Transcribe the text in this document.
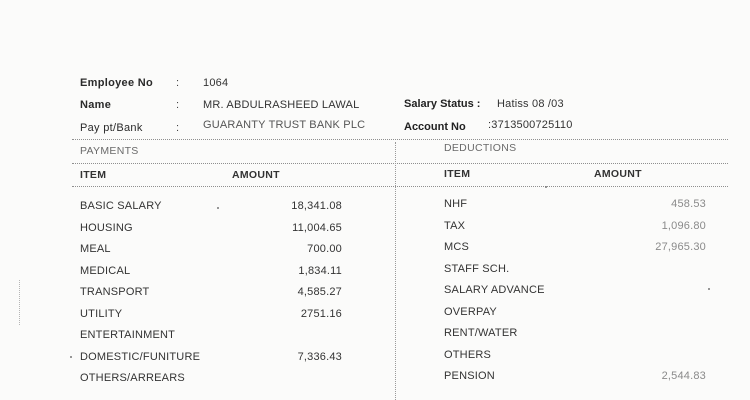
Employee No : 1064
Name	: MR. ABDULRASHEED LAWAL
Pay pt/Bank	: GUARANTY TRUST BANK PLC
Salary Status : Hatiss 08 /03
Account No :3713500725110
PAYMENTS
ITEM	AMOUNT
BASIC SALARY	18,341.08
HOUSING	11,004.65
MEAL	700.00
MEDICAL	1,834.11
TRANSPORT	4,585.27
UTILITY	2751.16
ENTERTAINMENT
DOMESTIC/FUNITURE	7,336.43
OTHERS/ARREARS
DEDUCTIONS
ITEM	AMOUNT
NHF	458.53
TAX	1,096.80
MCS	27,965.30
STAFF SCH.
SALARY ADVANCE
OVERPAY
RENT/WATER
OTHERS
PENSION	2,544.83
